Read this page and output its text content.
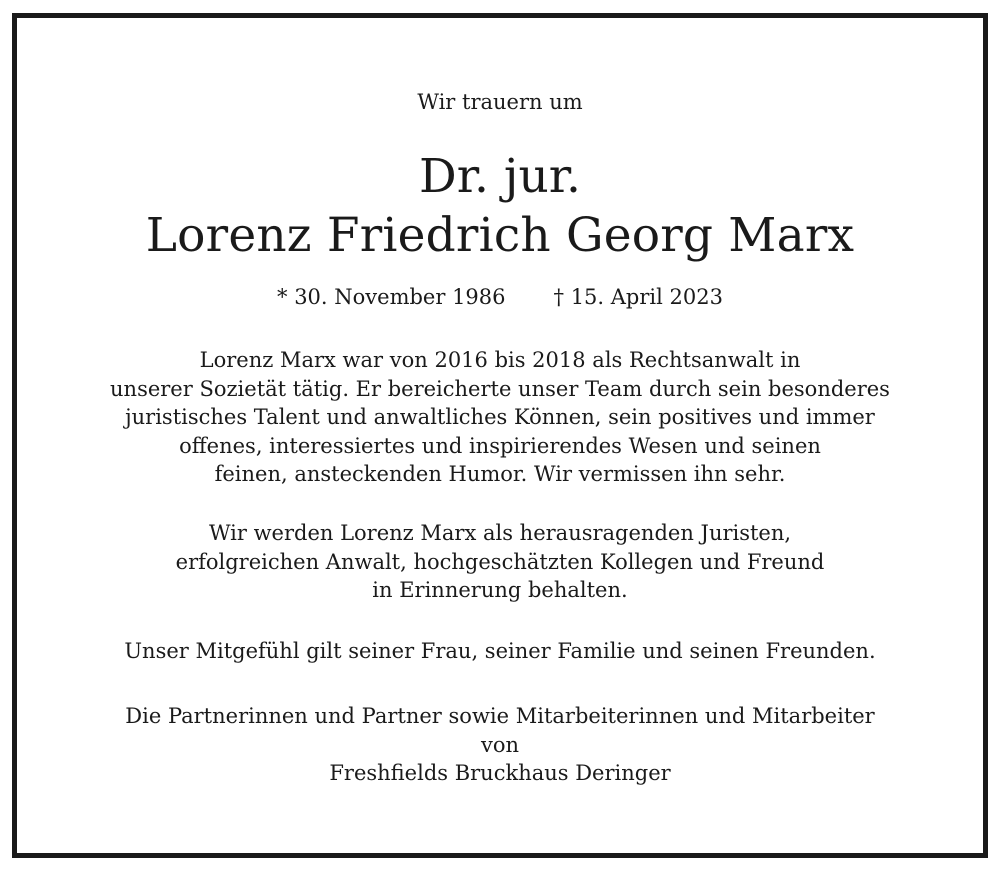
Wir trauern um
Dr. jur.
Lorenz Friedrich Georg Marx
* 30. November 1986 † 15. April 2023
Lorenz Marx war von 2016 bis 2018 als Rechtsanwalt in
unserer Sozietät tätig. Er bereicherte unser Team durch sein besonderes
juristisches Talent und anwaltliches Können, sein positives und immer
offenes, interessiertes und inspirierendes Wesen und seinen
feinen, ansteckenden Humor. Wir vermissen ihn sehr.
Wir werden Lorenz Marx als herausragenden Juristen,
erfolgreichen Anwalt, hochgeschätzten Kollegen und Freund
in Erinnerung behalten.
Unser Mitgefühl gilt seiner Frau, seiner Familie und seinen Freunden.
Die Partnerinnen und Partner sowie Mitarbeiterinnen und Mitarbeiter
von
Freshfields Bruckhaus Deringer
